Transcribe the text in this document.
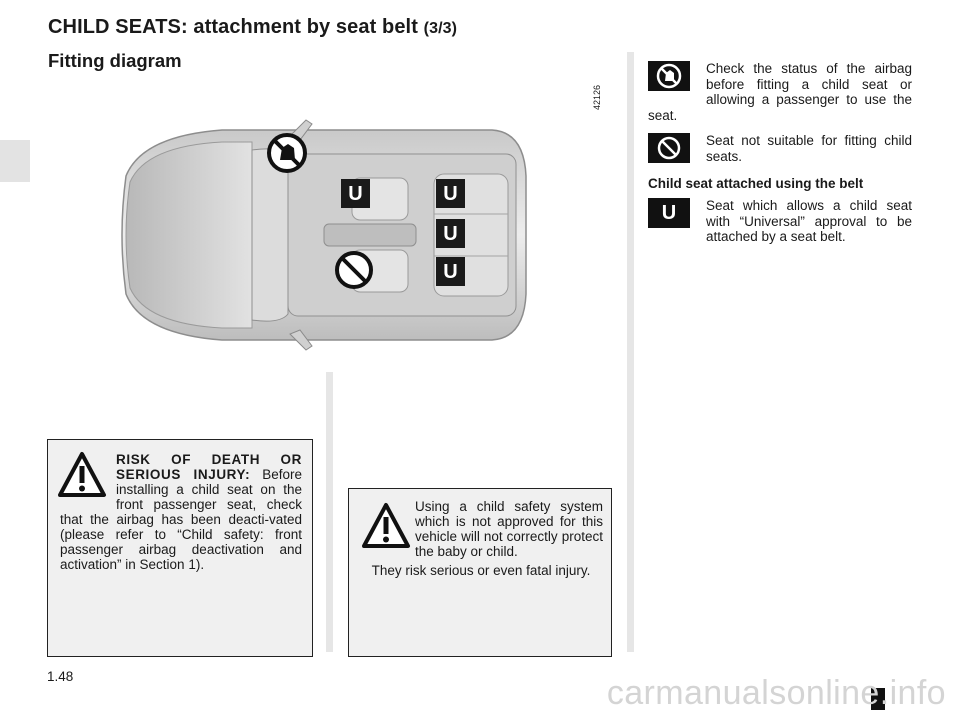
CHILD SEATS: attachment by seat belt (3/3)
Fitting diagram
42126
U	U
U
U
Check the status of the airbag before fitting a child seat or allowing a passenger to use the seat.
Seat not suitable for fitting child seats.
Child seat attached using the belt
U	Seat which allows a child seat with “Universal” approval to be attached by a seat belt.
RISK OF DEATH OR SERIOUS INJURY: Before installing a child seat on the front passenger seat, check that the airbag has been deacti-vated (please refer to “Child safety: front passenger airbag deactivation and activation” in Section 1).
Using a child safety system which is not approved for this vehicle will not correctly protect the baby or child.
They risk serious or even fatal injury.
1.48	carmanualsonline.info
